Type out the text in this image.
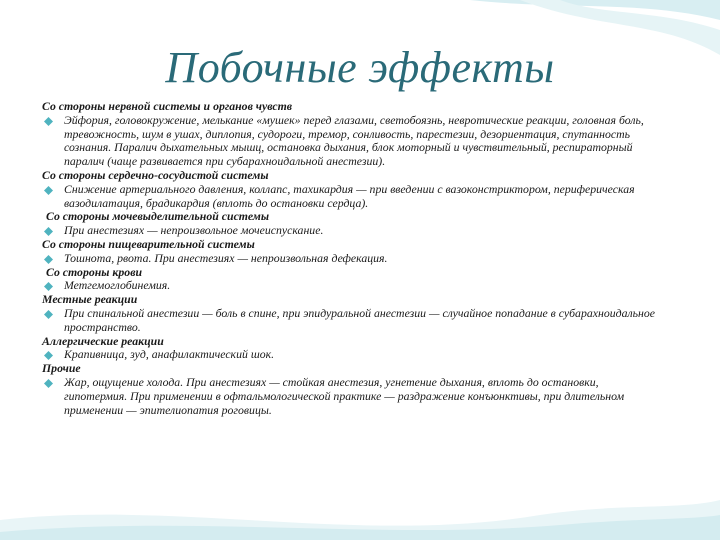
Побочные эффекты

Со стороны нервной системы и органов чувств

Эйфория, головокружение, мелькание «мушек» перед глазами, светобоязнь, невротические реакции, головная боль, тревожность, шум в ушах, диплопия, судороги, тремор, сонливость, парестезии, дезориентация, спутанность сознания. Паралич дыхательных мышц, остановка дыхания, блок моторный и чувствительный, респираторный паралич (чаще развивается при субарахноидальной анестезии).

Со стороны сердечно-сосудистой системы

Снижение артериального давления, коллапс, тахикардия — при введении с вазоконстриктором, периферическая вазодилатация, брадикардия (вплоть до остановки сердца).

Со стороны мочевыделительной системы

При анестезиях — непроизвольное мочеиспускание.

Со стороны пищеварительной системы

Тошнота, рвота. При анестезиях — непроизвольная дефекация.

Со стороны крови

Метгемоглобинемия.

Местные реакции

При спинальной анестезии — боль в спине, при эпидуральной анестезии — случайное попадание в субарахноидальное пространство.

Аллергические реакции

Крапивница, зуд, анафилактический шок.

Прочие

Жар, ощущение холода. При анестезиях — стойкая анестезия, угнетение дыхания, вплоть до остановки, гипотермия. При применении в офтальмологической практике — раздражение конъюнктивы, при длительном применении — эпителиопатия роговицы.
